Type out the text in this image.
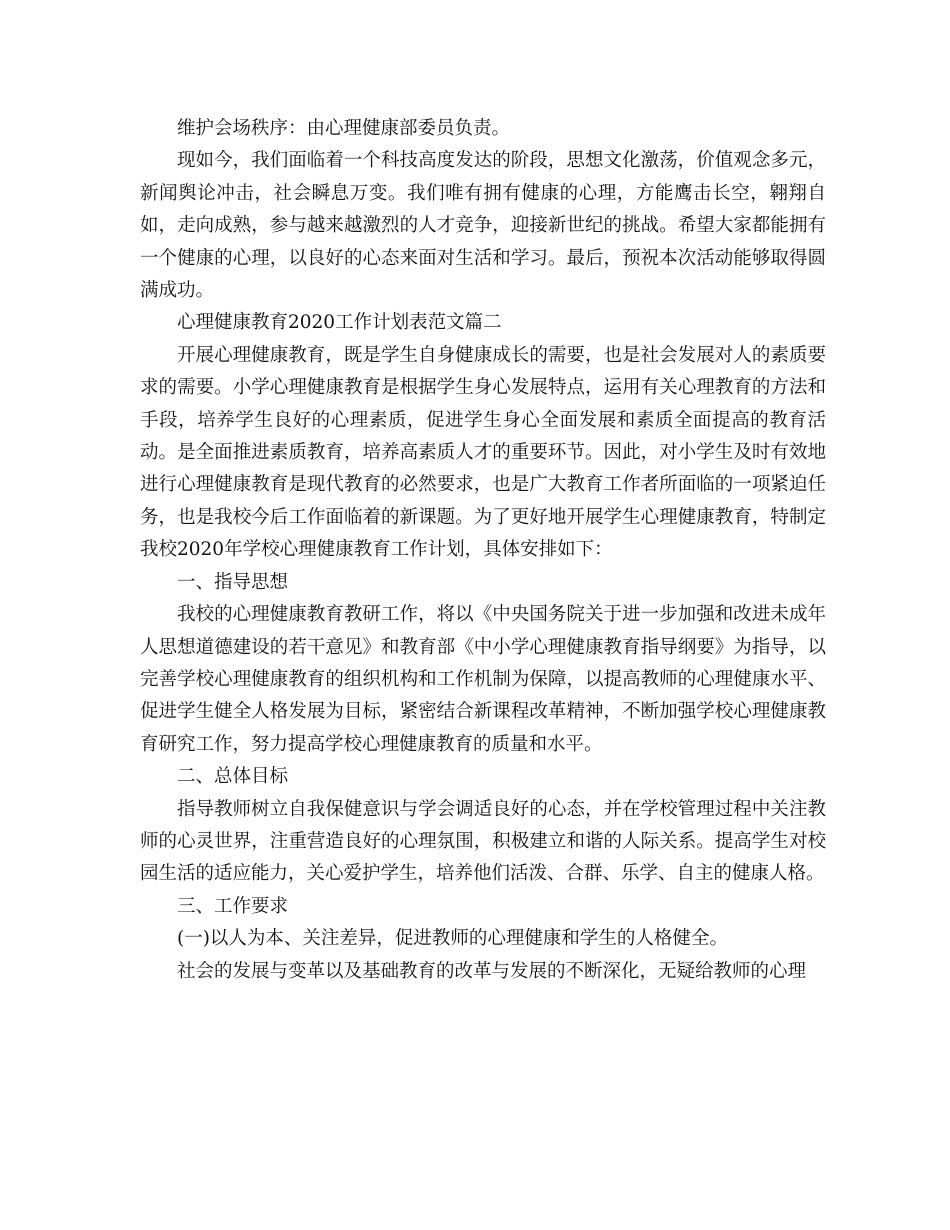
维护会场秩序：由心理健康部委员负责。

现如今，我们面临着一个科技高度发达的阶段，思想文化激荡，价值观念多元，新闻舆论冲击，社会瞬息万变。我们唯有拥有健康的心理，方能鹰击长空，翱翔自如，走向成熟，参与越来越激烈的人才竞争，迎接新世纪的挑战。希望大家都能拥有一个健康的心理，以良好的心态来面对生活和学习。最后，预祝本次活动能够取得圆满成功。

心理健康教育2020工作计划表范文篇二

开展心理健康教育，既是学生自身健康成长的需要，也是社会发展对人的素质要求的需要。小学心理健康教育是根据学生身心发展特点，运用有关心理教育的方法和手段，培养学生良好的心理素质，促进学生身心全面发展和素质全面提高的教育活动。是全面推进素质教育，培养高素质人才的重要环节。因此，对小学生及时有效地进行心理健康教育是现代教育的必然要求，也是广大教育工作者所面临的一项紧迫任务，也是我校今后工作面临着的新课题。为了更好地开展学生心理健康教育，特制定我校2020年学校心理健康教育工作计划，具体安排如下：

一、指导思想

我校的心理健康教育教研工作，将以《中央国务院关于进一步加强和改进未成年人思想道德建设的若干意见》和教育部《中小学心理健康教育指导纲要》为指导，以完善学校心理健康教育的组织机构和工作机制为保障，以提高教师的心理健康水平、促进学生健全人格发展为目标，紧密结合新课程改革精神，不断加强学校心理健康教育研究工作，努力提高学校心理健康教育的质量和水平。

二、总体目标

指导教师树立自我保健意识与学会调适良好的心态，并在学校管理过程中关注教师的心灵世界，注重营造良好的心理氛围，积极建立和谐的人际关系。提高学生对校园生活的适应能力，关心爱护学生，培养他们活泼、合群、乐学、自主的健康人格。

三、工作要求

(一)以人为本、关注差异，促进教师的心理健康和学生的人格健全。

社会的发展与变革以及基础教育的改革与发展的不断深化，无疑给教师的心理
